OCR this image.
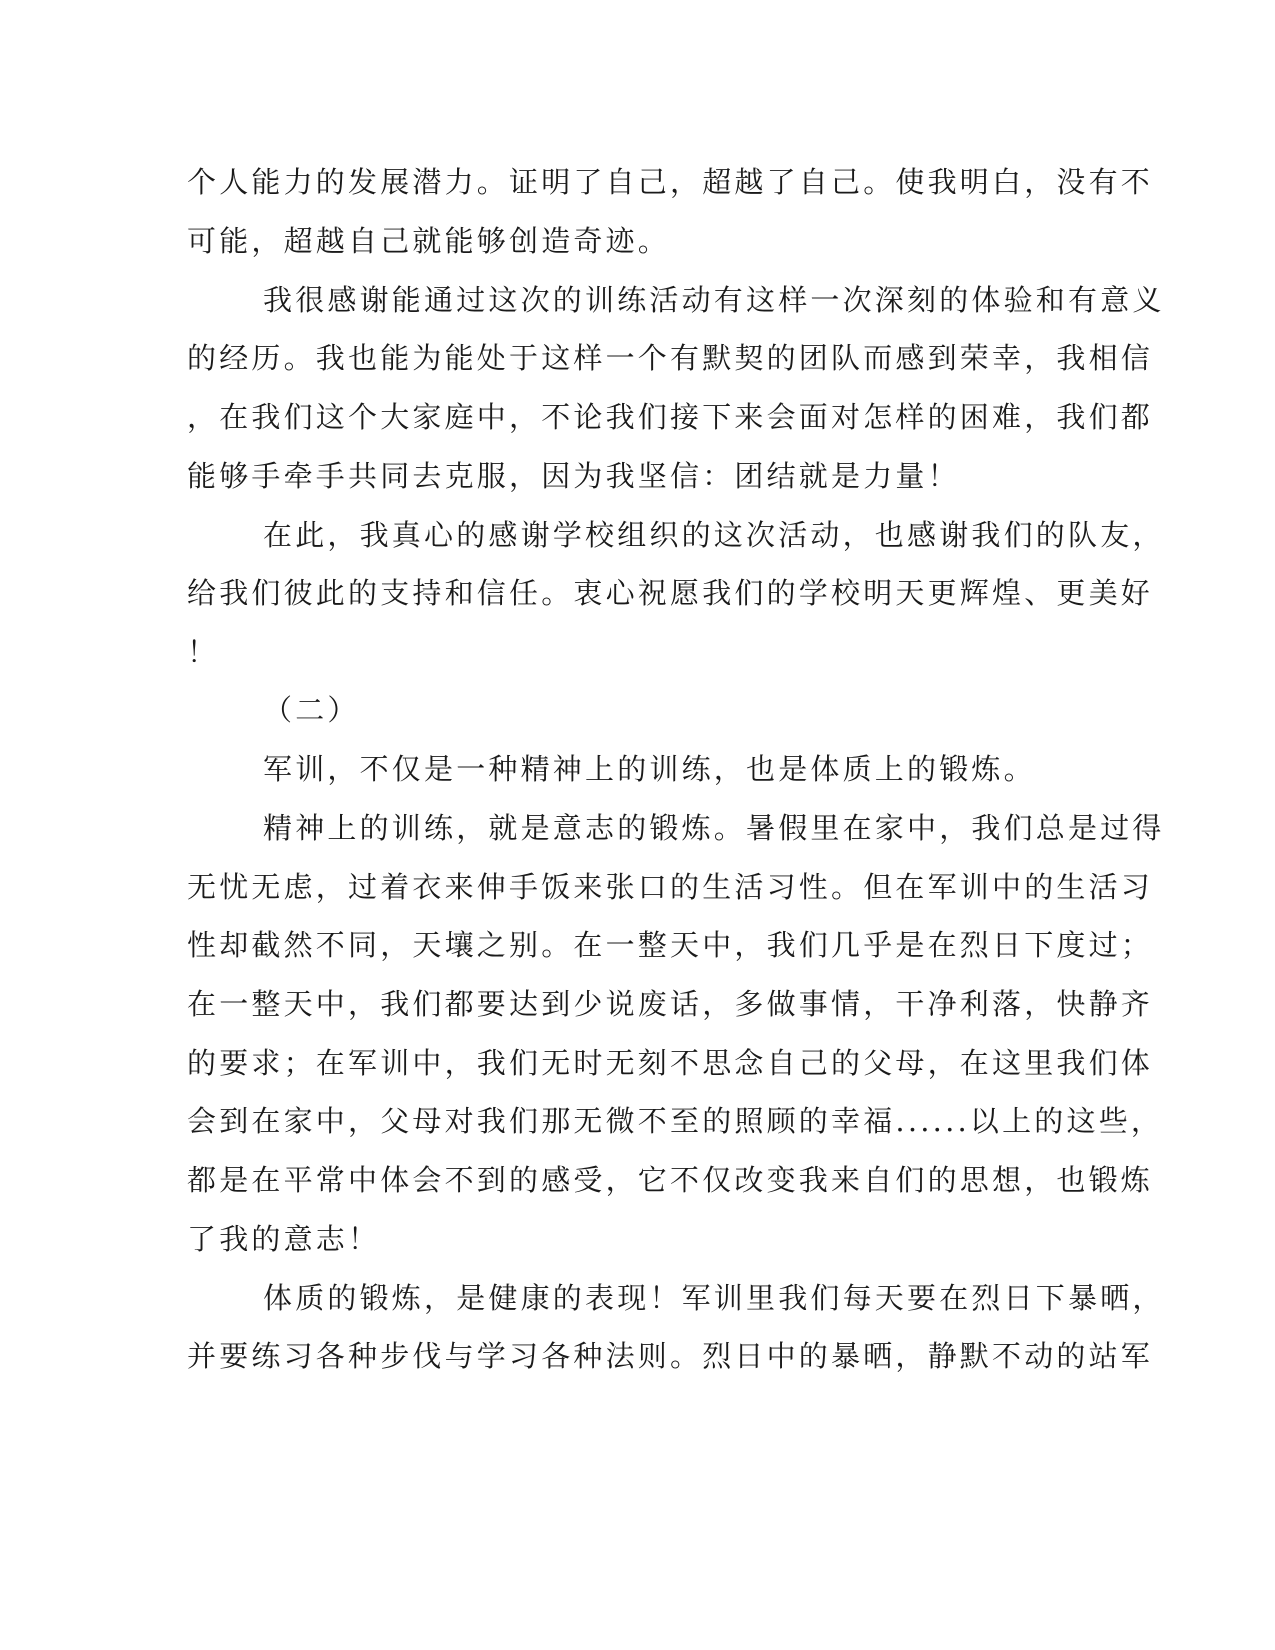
个人能力的发展潜力。证明了自己，超越了自己。使我明白，没有不

可能，超越自己就能够创造奇迹。

我很感谢能通过这次的训练活动有这样一次深刻的体验和有意义

的经历。我也能为能处于这样一个有默契的团队而感到荣幸，我相信

，在我们这个大家庭中，不论我们接下来会面对怎样的困难，我们都

能够手牵手共同去克服，因为我坚信：团结就是力量！

在此，我真心的感谢学校组织的这次活动，也感谢我们的队友，

给我们彼此的支持和信任。衷心祝愿我们的学校明天更辉煌、更美好

！

（二）

军训，不仅是一种精神上的训练，也是体质上的锻炼。

精神上的训练，就是意志的锻炼。暑假里在家中，我们总是过得

无忧无虑，过着衣来伸手饭来张口的生活习性。但在军训中的生活习

性却截然不同，天壤之别。在一整天中，我们几乎是在烈日下度过；

在一整天中，我们都要达到少说废话，多做事情，干净利落，快静齐

的要求；在军训中，我们无时无刻不思念自己的父母，在这里我们体

会到在家中，父母对我们那无微不至的照顾的幸福......以上的这些，

都是在平常中体会不到的感受，它不仅改变我来自们的思想，也锻炼

了我的意志！

体质的锻炼，是健康的表现！军训里我们每天要在烈日下暴晒，

并要练习各种步伐与学习各种法则。烈日中的暴晒，静默不动的站军
